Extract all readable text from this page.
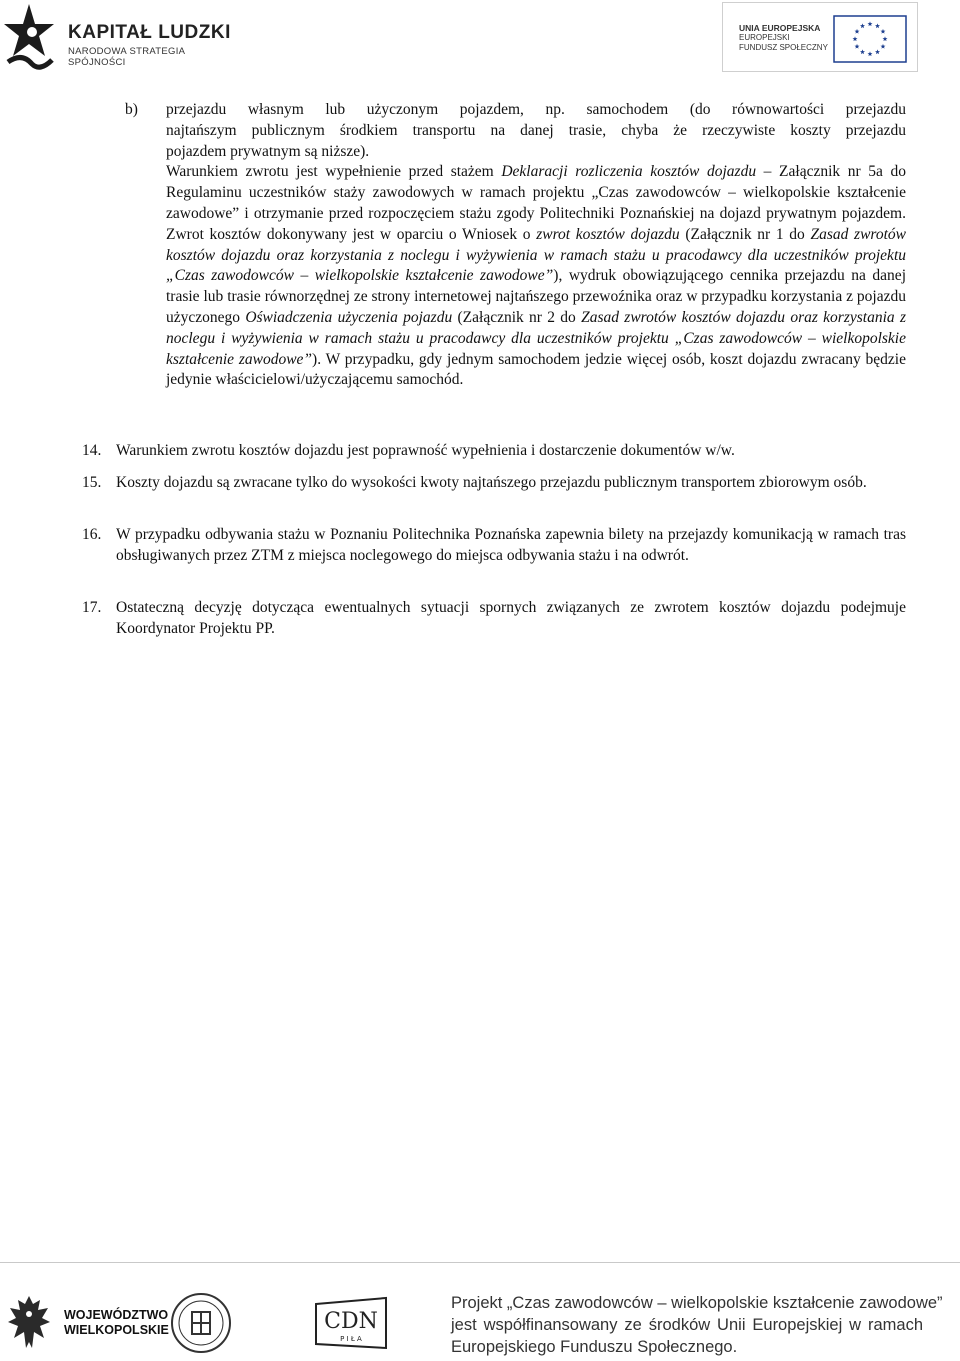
KAPITAŁ LUDZKI
NARODOWA STRATEGIA SPÓJNOŚCI
UNIA EUROPEJSKA
EUROPEJSKI
FUNDUSZ SPOŁECZNY
b) przejazdu własnym lub użyczonym pojazdem, np. samochodem (do równowartości przejazdu

najtańszym publicznym środkiem transportu na danej trasie, chyba że rzeczywiste koszty przejazdu

pojazdem prywatnym są niższe).

Warunkiem zwrotu jest wypełnienie przed stażem Deklaracji rozliczenia kosztów dojazdu – Załącznik nr 5a do Regulaminu uczestników staży zawodowych w ramach projektu „Czas zawodowców – wielkopolskie kształcenie zawodowe” i otrzymanie przed rozpoczęciem stażu zgody Politechniki Poznańskiej na dojazd prywatnym pojazdem. Zwrot kosztów dokonywany jest w oparciu o Wniosek o zwrot kosztów dojazdu (Załącznik nr 1 do Zasad zwrotów kosztów dojazdu oraz korzystania z noclegu i wyżywienia w ramach stażu u pracodawcy dla uczestników projektu „Czas zawodowców – wielkopolskie kształcenie zawodowe”), wydruk obowiązującego cennika przejazdu na danej trasie lub trasie równorzędnej ze strony internetowej najtańszego przewoźnika oraz w przypadku korzystania z pojazdu użyczonego Oświadczenia użyczenia pojazdu (Załącznik nr 2 do Zasad zwrotów kosztów dojazdu oraz korzystania z noclegu i wyżywienia w ramach stażu u pracodawcy dla uczestników projektu „Czas zawodowców – wielkopolskie kształcenie zawodowe”). W przypadku, gdy jednym samochodem jedzie więcej osób, koszt dojazdu zwracany będzie jedynie właścicielowi/użyczającemu samochód.

14. Warunkiem zwrotu kosztów dojazdu jest poprawność wypełnienia i dostarczenie dokumentów w/w.
15. Koszty dojazdu są zwracane tylko do wysokości kwoty najtańszego przejazdu publicznym transportem zbiorowym osób.
16. W przypadku odbywania stażu w Poznaniu Politechnika Poznańska zapewnia bilety na przejazdy komunikacją w ramach tras obsługiwanych przez ZTM z miejsca noclegowego do miejsca odbywania stażu i na odwrót.
17. Ostateczną decyzję dotycząca ewentualnych sytuacji spornych związanych ze zwrotem kosztów dojazdu podejmuje Koordynator Projektu PP.
WOJEWÓDZTWO
WIELKOPOLSKIE	CDN
P I Ł A
Projekt „Czas zawodowców – wielkopolskie kształcenie zawodowe”
jest współfinansowany ze środków Unii Europejskiej w ramach
Europejskiego Funduszu Społecznego.
